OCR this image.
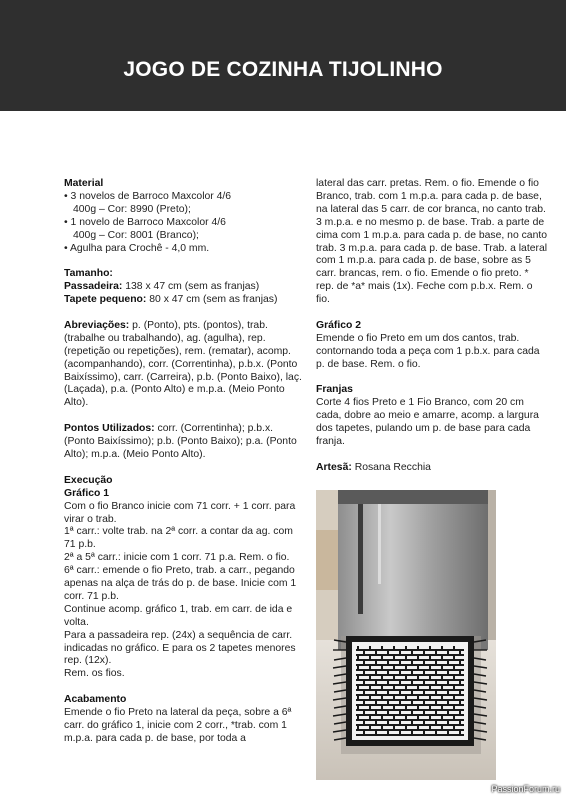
JOGO DE COZINHA TIJOLINHO

Material

• 3 novelos de Barroco Maxcolor 4/6
400g – Cor: 8990 (Preto);
• 1 novelo de Barroco Maxcolor 4/6
400g – Cor: 8001 (Branco);
• Agulha para Crochê - 4,0 mm.

Tamanho:

Passadeira: 138 x 47 cm (sem as franjas)

Tapete pequeno: 80 x 47 cm (sem as franjas)

Abreviações: p. (Ponto), pts. (pontos), trab. (trabalhe ou trabalhando), ag. (agulha), rep. (repetição ou repetições), rem. (rematar), acomp. (acompanhando), corr. (Correntinha), p.b.x. (Ponto Baixíssimo), carr. (Carreira), p.b. (Ponto Baixo), laç. (Laçada), p.a. (Ponto Alto) e m.p.a. (Meio Ponto Alto).

Pontos Utilizados: corr. (Correntinha); p.b.x. (Ponto Baixíssimo); p.b. (Ponto Baixo); p.a. (Ponto Alto); m.p.a. (Meio Ponto Alto).

Execução

Gráfico 1

Com o fio Branco inicie com 71 corr. + 1 corr. para virar o trab.

1ª carr.: volte trab. na 2ª corr. a contar da ag. com 71 p.b.

2ª a 5ª carr.: inicie com 1 corr. 71 p.a. Rem. o fio.

6ª carr.: emende o fio Preto, trab. a carr., pegando apenas na alça de trás do p. de base. Inicie com 1 corr. 71 p.b.

Continue acomp. gráfico 1, trab. em carr. de ida e volta.

Para a passadeira rep. (24x) a sequência de carr. indicadas no gráfico. E para os 2 tapetes menores rep. (12x).

Rem. os fios.

Acabamento

Emende o fio Preto na lateral da peça, sobre a 6ª carr. do gráfico 1, inicie com 2 corr., *trab. com 1 m.p.a. para cada p. de base, por toda a

lateral das carr. pretas. Rem. o fio. Emende o fio Branco, trab. com 1 m.p.a. para cada p. de base, na lateral das 5 carr. de cor branca, no canto trab. 3 m.p.a. e no mesmo p. de base. Trab. a parte de cima com 1 m.p.a. para cada p. de base, no canto trab. 3 m.p.a. para cada p. de base. Trab. a lateral com 1 m.p.a. para cada p. de base, sobre as 5 carr. brancas, rem. o fio. Emende o fio preto. * rep. de *a* mais (1x). Feche com p.b.x. Rem. o fio.

Gráfico 2

Emende o fio Preto em um dos cantos, trab. contornando toda a peça com 1 p.b.x. para cada p. de base. Rem. o fio.

Franjas

Corte 4 fios Preto e 1 Fio Branco, com 20 cm cada, dobre ao meio e amarre, acomp. a largura dos tapetes, pulando um p. de base para cada franja.

Artesã: Rosana Recchia

PassionForum.ru
